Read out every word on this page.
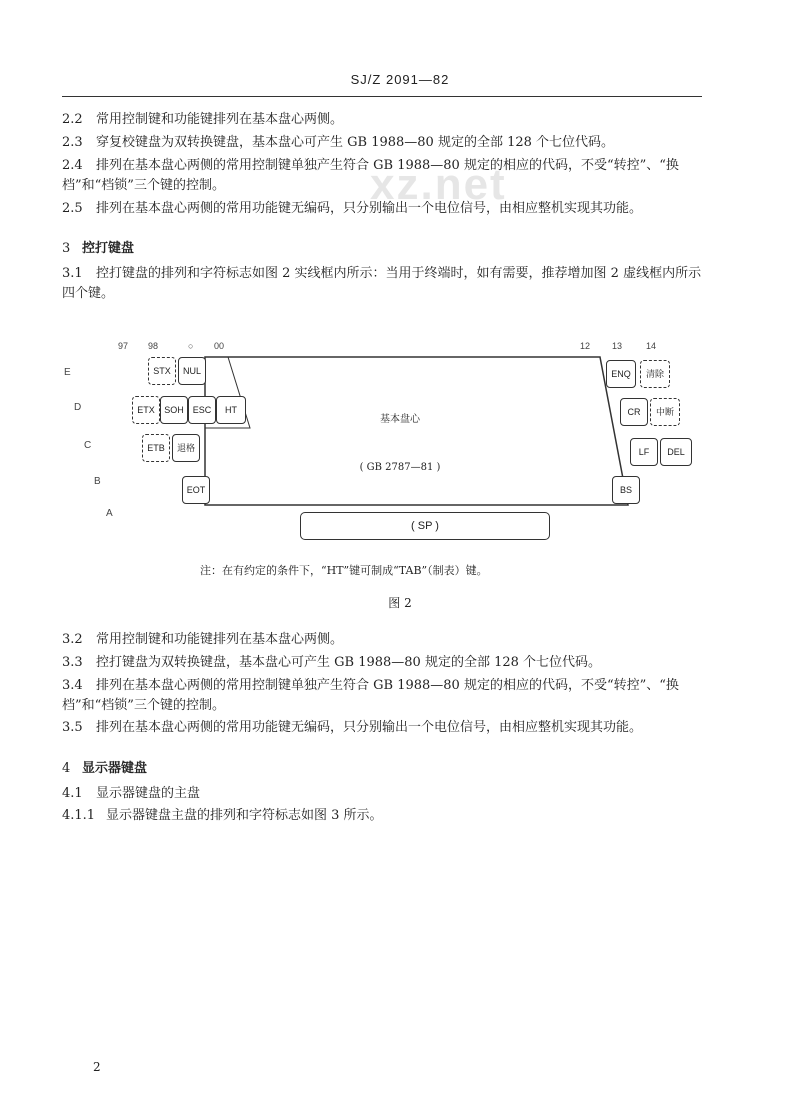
xz.net
SJ/Z 2091—82

2.2 常用控制键和功能键排列在基本盘心两侧。

2.3 穿复校键盘为双转换键盘，基本盘心可产生 GB 1988—80 规定的全部 128 个七位代码。

2.4 排列在基本盘心两侧的常用控制键单独产生符合 GB 1988—80 规定的相应的代码，不受“转控”、“换档”和“档锁”三个键的控制。

2.5 排列在基本盘心两侧的常用功能键无编码，只分别输出一个电位信号，由相应整机实现其功能。

3 控打键盘

3.1 控打键盘的排列和字符标志如图 2 实线框内所示：当用于终端时，如有需要，推荐增加图 2 虚线框内所示四个键。

97 98	○ 00	12 13	14
E
D
C
B
A
STX	NUL
ETX	SOH ESC	HT
ETB	退格
EOT
基本盘心
( GB 2787—81 )
ENQ	清除
CR	中断
LF	DEL
BS
( SP )
注：在有约定的条件下，“HT”键可制成“TAB”（制表）键。
图 2

3.2 常用控制键和功能键排列在基本盘心两侧。

3.3 控打键盘为双转换键盘，基本盘心可产生 GB 1988—80 规定的全部 128 个七位代码。

3.4 排列在基本盘心两侧的常用控制键单独产生符合 GB 1988—80 规定的相应的代码，不受“转控”、“换档”和“档锁”三个键的控制。

3.5 排列在基本盘心两侧的常用功能键无编码，只分别输出一个电位信号，由相应整机实现其功能。

4 显示器键盘

4.1 显示器键盘的主盘

4.1.1 显示器键盘主盘的排列和字符标志如图 3 所示。

2
